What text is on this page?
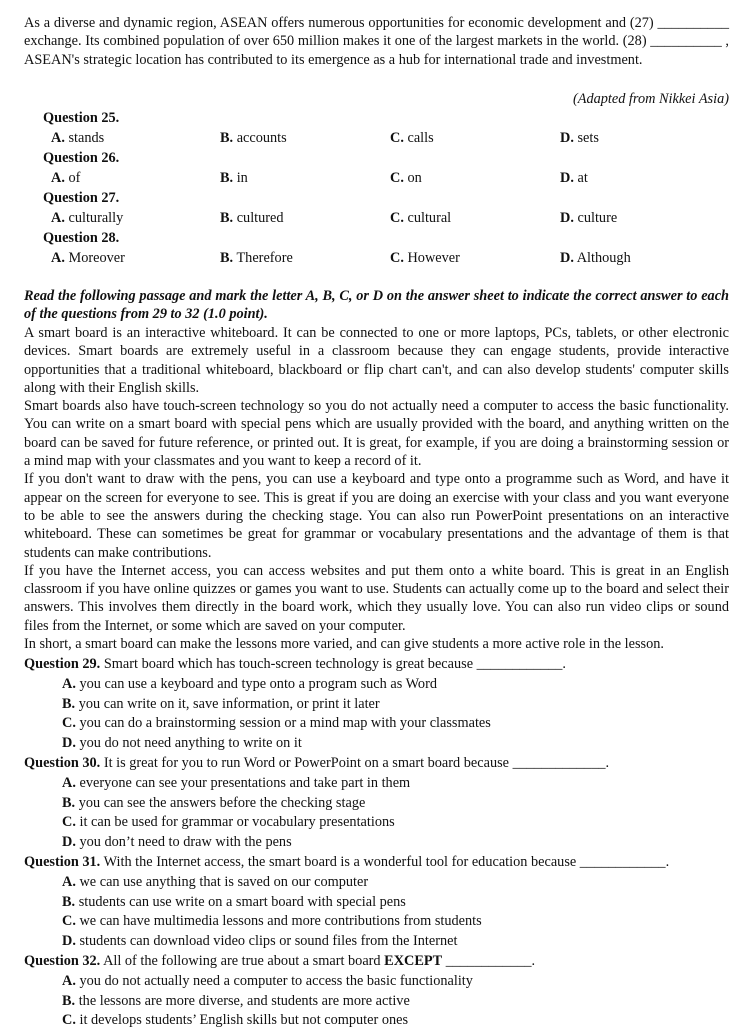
As a diverse and dynamic region, ASEAN offers numerous opportunities for economic development and (27) __________ exchange. Its combined population of over 650 million makes it one of the largest markets in the world. (28) __________ , ASEAN's strategic location has contributed to its emergence as a hub for international trade and investment.
(Adapted from Nikkei Asia)
Question 25.
A. stands	B. accounts	C. calls	D. sets
Question 26.
A. of	B. in	C. on	D. at
Question 27.
A. culturally	B. cultured	C. cultural	D. culture
Question 28.
A. Moreover	B. Therefore	C. However	D. Although
Read the following passage and mark the letter A, B, C, or D on the answer sheet to indicate the correct answer to each of the questions from 29 to 32 (1.0 point).

A smart board is an interactive whiteboard. It can be connected to one or more laptops, PCs, tablets, or other electronic devices. Smart boards are extremely useful in a classroom because they can engage students, provide interactive opportunities that a traditional whiteboard, blackboard or flip chart can't, and can also develop students' computer skills along with their English skills.

Smart boards also have touch-screen technology so you do not actually need a computer to access the basic functionality. You can write on a smart board with special pens which are usually provided with the board, and anything written on the board can be saved for future reference, or printed out. It is great, for example, if you are doing a brainstorming session or a mind map with your classmates and you want to keep a record of it.

If you don't want to draw with the pens, you can use a keyboard and type onto a programme such as Word, and have it appear on the screen for everyone to see. This is great if you are doing an exercise with your class and you want everyone to be able to see the answers during the checking stage. You can also run PowerPoint presentations on an interactive whiteboard. These can sometimes be great for grammar or vocabulary presentations and the advantage of them is that students can make contributions.

If you have the Internet access, you can access websites and put them onto a white board. This is great in an English classroom if you have online quizzes or games you want to use. Students can actually come up to the board and select their answers. This involves them directly in the board work, which they usually love. You can also run video clips or sound files from the Internet, or some which are saved on your computer.

In short, a smart board can make the lessons more varied, and can give students a more active role in the lesson.

Question 29. Smart board which has touch-screen technology is great because ____________.
A. you can use a keyboard and type onto a program such as Word
B. you can write on it, save information, or print it later
C. you can do a brainstorming session or a mind map with your classmates
D. you do not need anything to write on it
Question 30. It is great for you to run Word or PowerPoint on a smart board because _____________.
A. everyone can see your presentations and take part in them
B. you can see the answers before the checking stage
C. it can be used for grammar or vocabulary presentations
D. you don’t need to draw with the pens
Question 31. With the Internet access, the smart board is a wonderful tool for education because ____________.
A. we can use anything that is saved on our computer
B. students can use write on a smart board with special pens
C. we can have multimedia lessons and more contributions from students
D. students can download video clips or sound files from the Internet
Question 32. All of the following are true about a smart board EXCEPT ____________.
A. you do not actually need a computer to access the basic functionality
B. the lessons are more diverse, and students are more active
C. it develops students’ English skills but not computer ones
